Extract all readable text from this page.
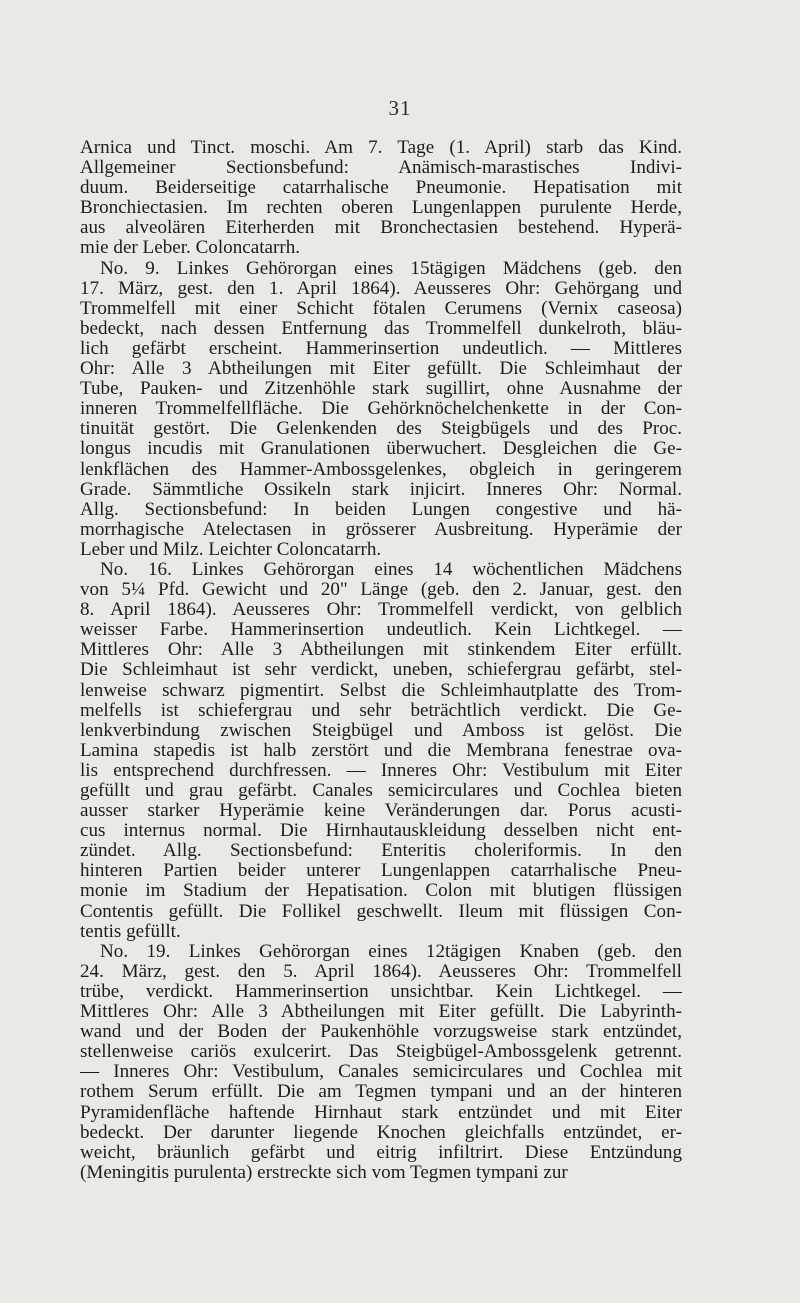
31
Arnica und Tinct. moschi. Am 7. Tage (1. April) starb das Kind.
Allgemeiner Sectionsbefund: Anämisch-marastisches Indivi-
duum. Beiderseitige catarrhalische Pneumonie. Hepatisation mit
Bronchiectasien. Im rechten oberen Lungenlappen purulente Herde,
aus alveolären Eiterherden mit Bronchectasien bestehend. Hyperä-
mie der Leber. Coloncatarrh.
No. 9. Linkes Gehörorgan eines 15tägigen Mädchens (geb. den
17. März, gest. den 1. April 1864). Aeusseres Ohr: Gehörgang und
Trommelfell mit einer Schicht fötalen Cerumens (Vernix caseosa)
bedeckt, nach dessen Entfernung das Trommelfell dunkelroth, bläu-
lich gefärbt erscheint. Hammerinsertion undeutlich. — Mittleres
Ohr: Alle 3 Abtheilungen mit Eiter gefüllt. Die Schleimhaut der
Tube, Pauken- und Zitzenhöhle stark sugillirt, ohne Ausnahme der
inneren Trommelfellfläche. Die Gehörknöchelchenkette in der Con-
tinuität gestört. Die Gelenkenden des Steigbügels und des Proc.
longus incudis mit Granulationen überwuchert. Desgleichen die Ge-
lenkflächen des Hammer-Ambossgelenkes, obgleich in geringerem
Grade. Sämmtliche Ossikeln stark injicirt. Inneres Ohr: Normal.
Allg. Sectionsbefund: In beiden Lungen congestive und hä-
morrhagische Atelectasen in grösserer Ausbreitung. Hyperämie der
Leber und Milz. Leichter Coloncatarrh.
No. 16. Linkes Gehörorgan eines 14 wöchentlichen Mädchens
von 5¼ Pfd. Gewicht und 20" Länge (geb. den 2. Januar, gest. den
8. April 1864). Aeusseres Ohr: Trommelfell verdickt, von gelblich
weisser Farbe. Hammerinsertion undeutlich. Kein Lichtkegel. —
Mittleres Ohr: Alle 3 Abtheilungen mit stinkendem Eiter erfüllt.
Die Schleimhaut ist sehr verdickt, uneben, schiefergrau gefärbt, stel-
lenweise schwarz pigmentirt. Selbst die Schleimhautplatte des Trom-
melfells ist schiefergrau und sehr beträchtlich verdickt. Die Ge-
lenkverbindung zwischen Steigbügel und Amboss ist gelöst. Die
Lamina stapedis ist halb zerstört und die Membrana fenestrae ova-
lis entsprechend durchfressen. — Inneres Ohr: Vestibulum mit Eiter
gefüllt und grau gefärbt. Canales semicirculares und Cochlea bieten
ausser starker Hyperämie keine Veränderungen dar. Porus acusti-
cus internus normal. Die Hirnhautauskleidung desselben nicht ent-
zündet. Allg. Sectionsbefund: Enteritis choleriformis. In den
hinteren Partien beider unterer Lungenlappen catarrhalische Pneu-
monie im Stadium der Hepatisation. Colon mit blutigen flüssigen
Contentis gefüllt. Die Follikel geschwellt. Ileum mit flüssigen Con-
tentis gefüllt.
No. 19. Linkes Gehörorgan eines 12tägigen Knaben (geb. den
24. März, gest. den 5. April 1864). Aeusseres Ohr: Trommelfell
trübe, verdickt. Hammerinsertion unsichtbar. Kein Lichtkegel. —
Mittleres Ohr: Alle 3 Abtheilungen mit Eiter gefüllt. Die Labyrinth-
wand und der Boden der Paukenhöhle vorzugsweise stark entzündet,
stellenweise cariös exulcerirt. Das Steigbügel-Ambossgelenk getrennt.
— Inneres Ohr: Vestibulum, Canales semicirculares und Cochlea mit
rothem Serum erfüllt. Die am Tegmen tympani und an der hinteren
Pyramidenfläche haftende Hirnhaut stark entzündet und mit Eiter
bedeckt. Der darunter liegende Knochen gleichfalls entzündet, er-
weicht, bräunlich gefärbt und eitrig infiltrirt. Diese Entzündung
(Meningitis purulenta) erstreckte sich vom Tegmen tympani zur
